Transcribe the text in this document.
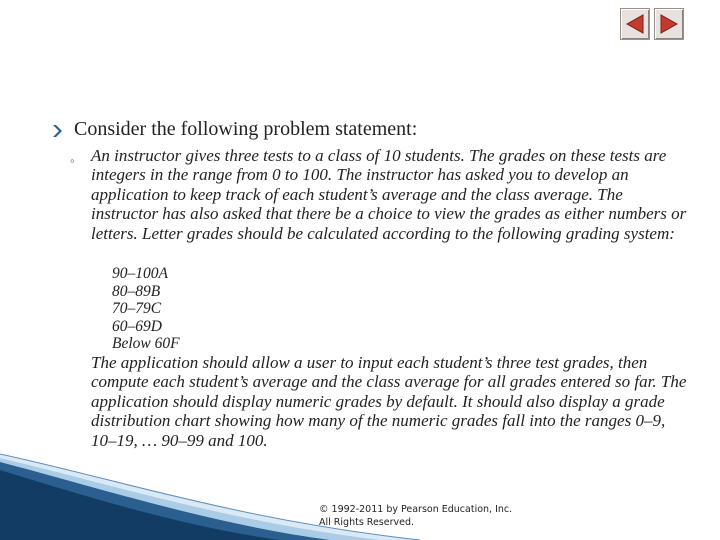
Consider the following problem statement:
◦ An instructor gives three tests to a class of 10 students. The grades on these tests are integers in the range from 0 to 100. The instructor has asked you to develop an application to keep track of each student’s average and the class average. The instructor has also asked that there be a choice to view the grades as either numbers or letters. Letter grades should be calculated according to the following grading system:
90–100A
80–89B
70–79C
60–69D
Below 60F
The application should allow a user to input each student’s three test grades, then compute each student’s average and the class average for all grades entered so far. The application should display numeric grades by default. It should also display a grade distribution chart showing how many of the numeric grades fall into the ranges 0–9, 10–19, … 90–99 and 100.
© 1992-2011 by Pearson Education, Inc.
All Rights Reserved.
